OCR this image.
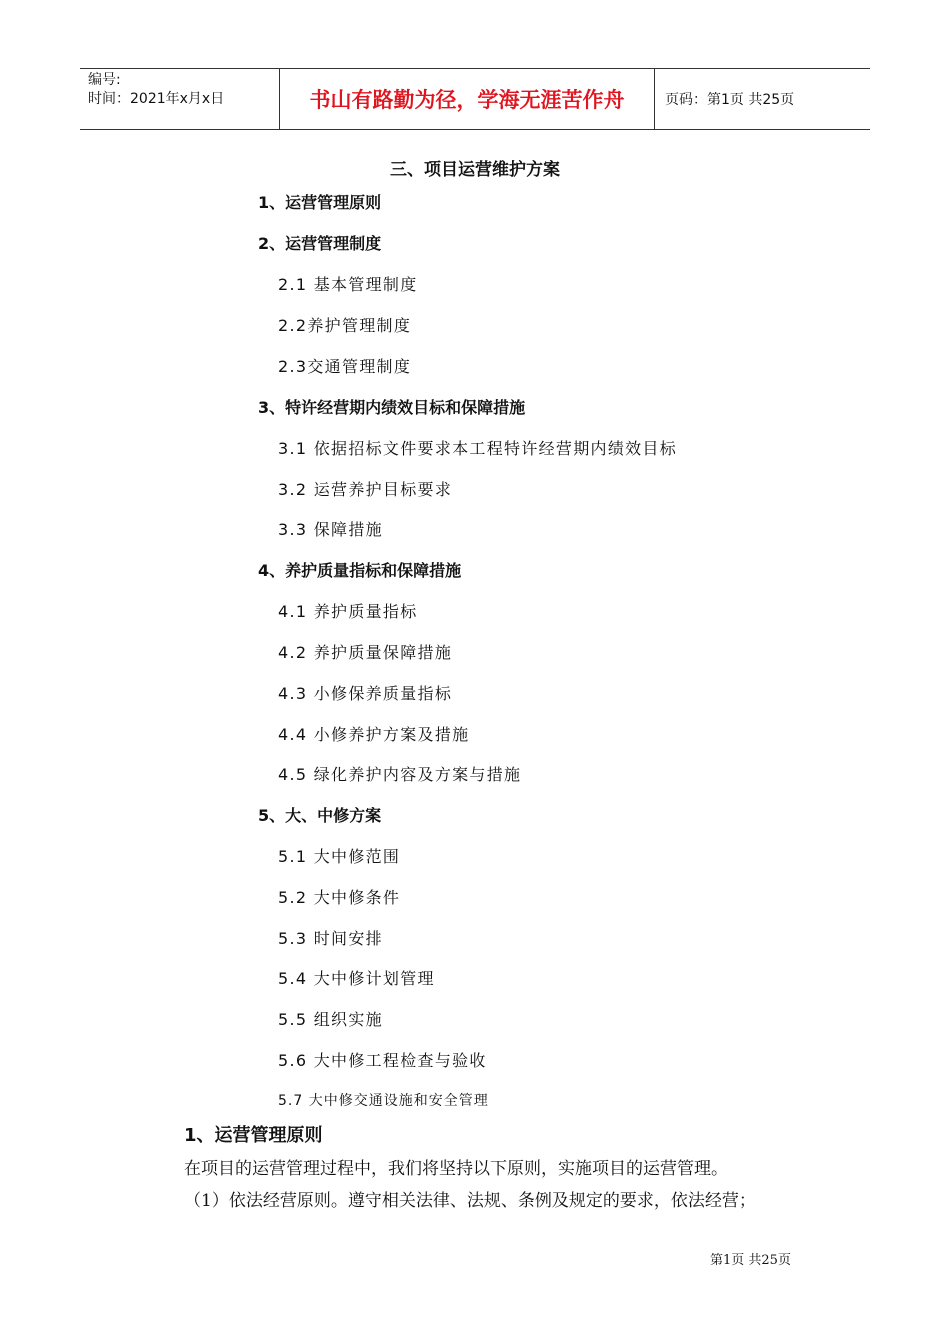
编号:
时间：2021年x月x日	书山有路勤为径，学海无涯苦作舟	页码：第1页 共25页
三、项目运营维护方案
1、运营管理原则
2、运营管理制度
2.1 基本管理制度
2.2养护管理制度
2.3交通管理制度
3、特许经营期内绩效目标和保障措施
3.1 依据招标文件要求本工程特许经营期内绩效目标
3.2 运营养护目标要求
3.3 保障措施
4、养护质量指标和保障措施
4.1 养护质量指标
4.2 养护质量保障措施
4.3 小修保养质量指标
4.4 小修养护方案及措施
4.5 绿化养护内容及方案与措施
5、大、中修方案
5.1 大中修范围
5.2 大中修条件
5.3 时间安排
5.4 大中修计划管理
5.5 组织实施
5.6 大中修工程检查与验收
5.7 大中修交通设施和安全管理
1、运营管理原则
在项目的运营管理过程中，我们将坚持以下原则，实施项目的运营管理。
（1）依法经营原则。遵守相关法律、法规、条例及规定的要求，依法经营；
第1页 共25页
